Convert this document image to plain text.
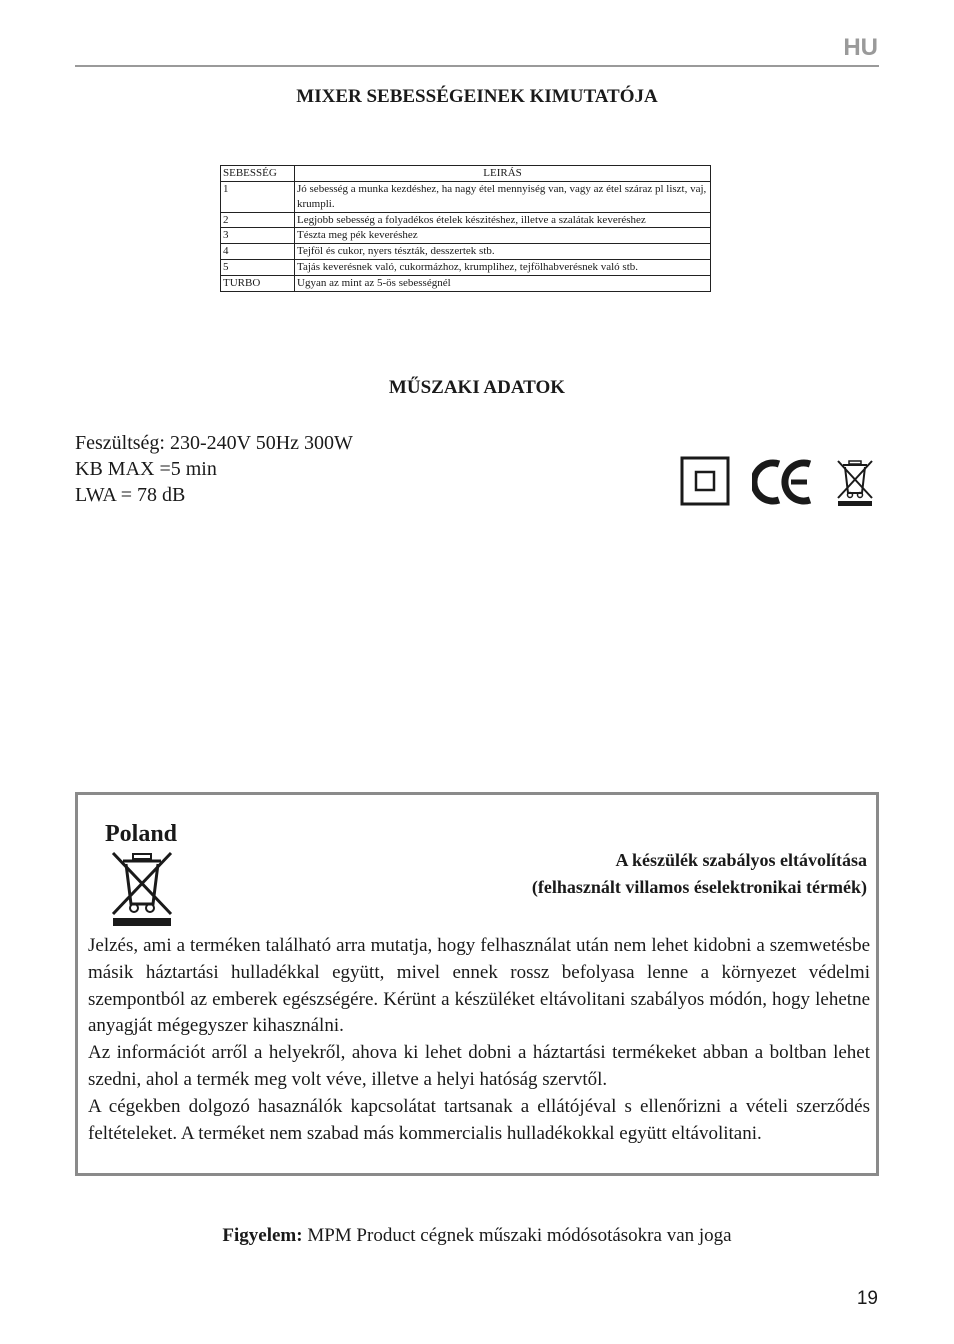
HU
MIXER SEBESSÉGEINEK KIMUTATÓJA
SEBESSÉG	LEIRÁS
1	Jó sebesség a munka kezdéshez, ha nagy étel mennyiség van, vagy az étel száraz pl liszt, vaj, krumpli.
2	Legjobb sebesség a folyadékos ételek készitéshez, illetve a szalátak keveréshez
3	Tészta meg pék keveréshez
4	Tejföl és cukor, nyers tészták, desszertek stb.
5	Tajás keverésnek való, cukormázhoz, krumplihez, tejfölhabverésnek való stb.
TURBO	Ugyan az mint az 5-ös sebességnél
MŰSZAKI ADATOK
Feszültség: 230-240V 50Hz 300W
KB MAX =5 min
LWA = 78 dB
Poland
A készülék szabályos eltávolítása
(felhasznált villamos éselektronikai térmék)

Jelzés, ami a terméken található arra mutatja, hogy felhasználat után nem lehet kidobni a szemwetésbe másik háztartási hulladékkal együtt, mivel ennek rossz befolyasa lenne a környezet védelmi szempontból az emberek egészségére. Kérünt a készüléket eltávolitani szabályos módón, hogy lehetne anyagját mégegyszer kihasználni.

Az információt arről a helyekről, ahova ki lehet dobni a háztartási termékeket abban a boltban lehet szedni, ahol a termék meg volt véve, illetve a helyi hatóság szervtől.

A cégekben dolgozó hasaználók kapcsolátat tartsanak a ellátójéval s ellenőrizni a vételi szerződés feltételeket. A terméket nem szabad más kommercialis hulladékokkal együtt eltávolitani.

Figyelem: MPM Product cégnek műszaki módósotásokra van joga
19
